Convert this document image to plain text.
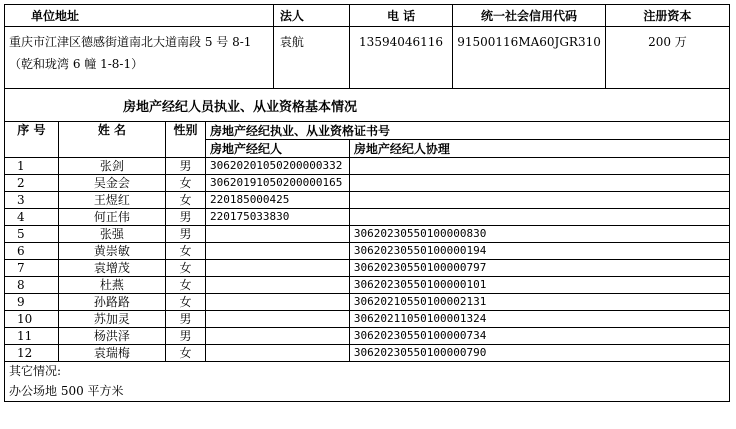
单位地址				法人	电 话	统一社会信用代码	注册资本

重庆市江津区德感街道南北大道南段 5 号 8-1
（乾和珑湾 6 幢 1-8-1）				袁航	13594046116	91500116MA60JGR310	200 万
房地产经纪人员执业、从业资格基本情况							
序 号	姓 名	性别	房地产经纪执业、从业资格证书号				
			房地产经纪人		房地产经纪人协理		
1	张剑	男	30620201050200000332				
2	吴金会	女	30620191050200000165				
3	王煜红	女	220185000425				
4	何正伟	男	220175033830				
5	张强	男			30620230550100000830		
6	黄崇敏	女			30620230550100000194		
7	袁增茂	女			30620230550100000797		
8	杜燕	女			30620230550100000101		
9	孙路路	女			30620210550100002131		
10	苏加灵	男			30620211050100001324		
11	杨洪泽	男			30620230550100000734		
12	袁瑞梅	女			30620230550100000790		
其它情况:							
办公场地 500 平方米							
